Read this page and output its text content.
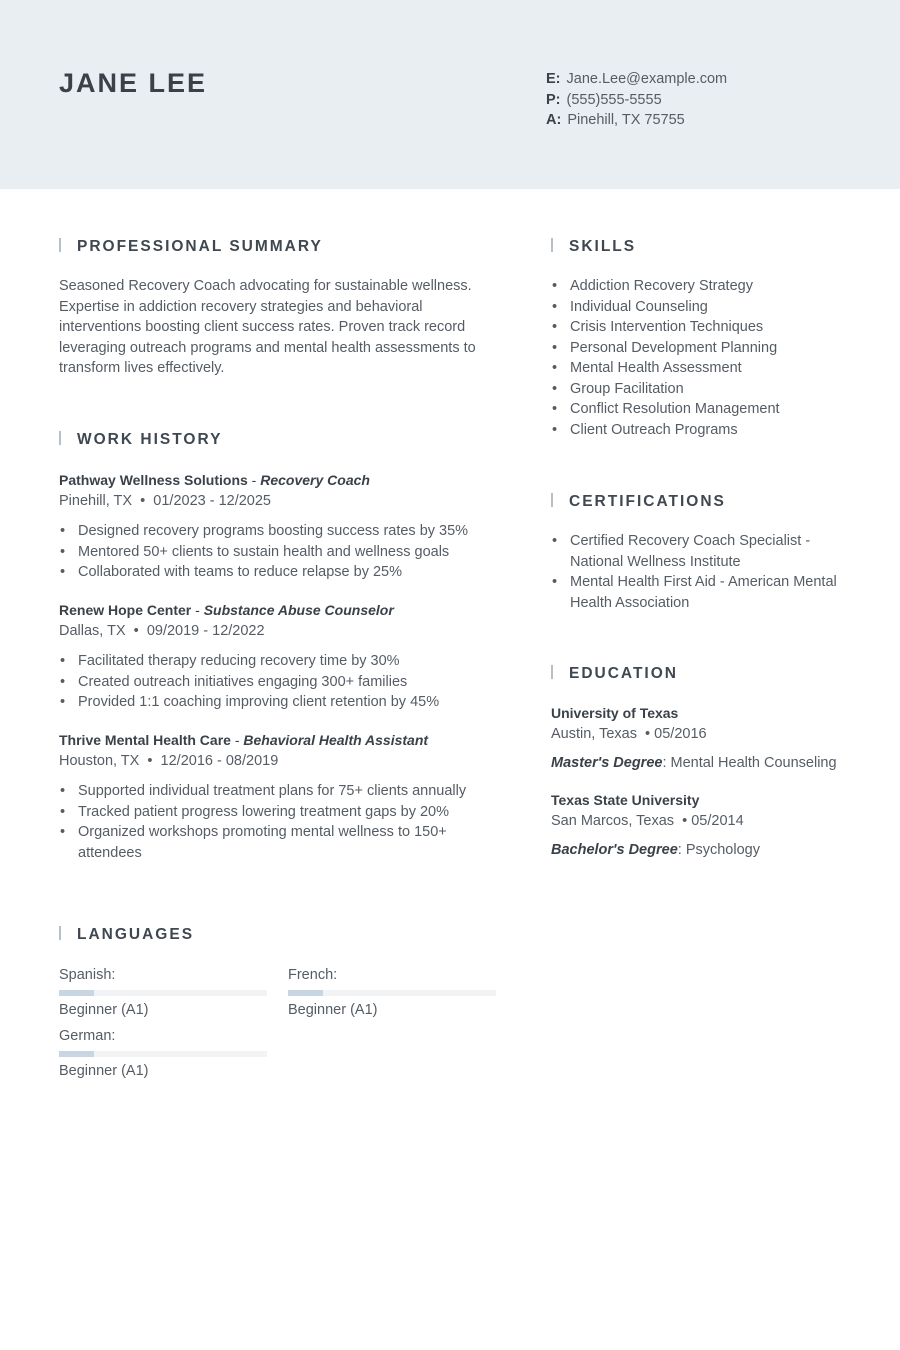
JANE LEE	E: Jane.Lee@example.com
P: (555)555-5555
A: Pinehill, TX 75755
PROFESSIONAL SUMMARY
Seasoned Recovery Coach advocating for sustainable wellness. Expertise in addiction recovery strategies and behavioral interventions boosting client success rates. Proven track record leveraging outreach programs and mental health assessments to transform lives effectively.
SKILLS
• Addiction Recovery Strategy
• Individual Counseling
• Crisis Intervention Techniques
• Personal Development Planning
• Mental Health Assessment
• Group Facilitation
• Conflict Resolution Management
• Client Outreach Programs
WORK HISTORY
Pathway Wellness Solutions - Recovery Coach
Pinehill, TX  •  01/2023 - 12/2025
• Designed recovery programs boosting success rates by 35%
• Mentored 50+ clients to sustain health and wellness goals
• Collaborated with teams to reduce relapse by 25%
Renew Hope Center - Substance Abuse Counselor
Dallas, TX  •  09/2019 - 12/2022
• Facilitated therapy reducing recovery time by 30%
• Created outreach initiatives engaging 300+ families
• Provided 1:1 coaching improving client retention by 45%
Thrive Mental Health Care - Behavioral Health Assistant
Houston, TX  •  12/2016 - 08/2019
• Supported individual treatment plans for 75+ clients annually
• Tracked patient progress lowering treatment gaps by 20%
• Organized workshops promoting mental wellness to 150+ attendees
CERTIFICATIONS
• Certified Recovery Coach Specialist - National Wellness Institute
• Mental Health First Aid - American Mental Health Association
EDUCATION
University of Texas
Austin, Texas  • 05/2016
Master's Degree: Mental Health Counseling
Texas State University
San Marcos, Texas  • 05/2014
Bachelor's Degree: Psychology
LANGUAGES
Spanish:
Beginner (A1)
French:
Beginner (A1)
German:
Beginner (A1)
